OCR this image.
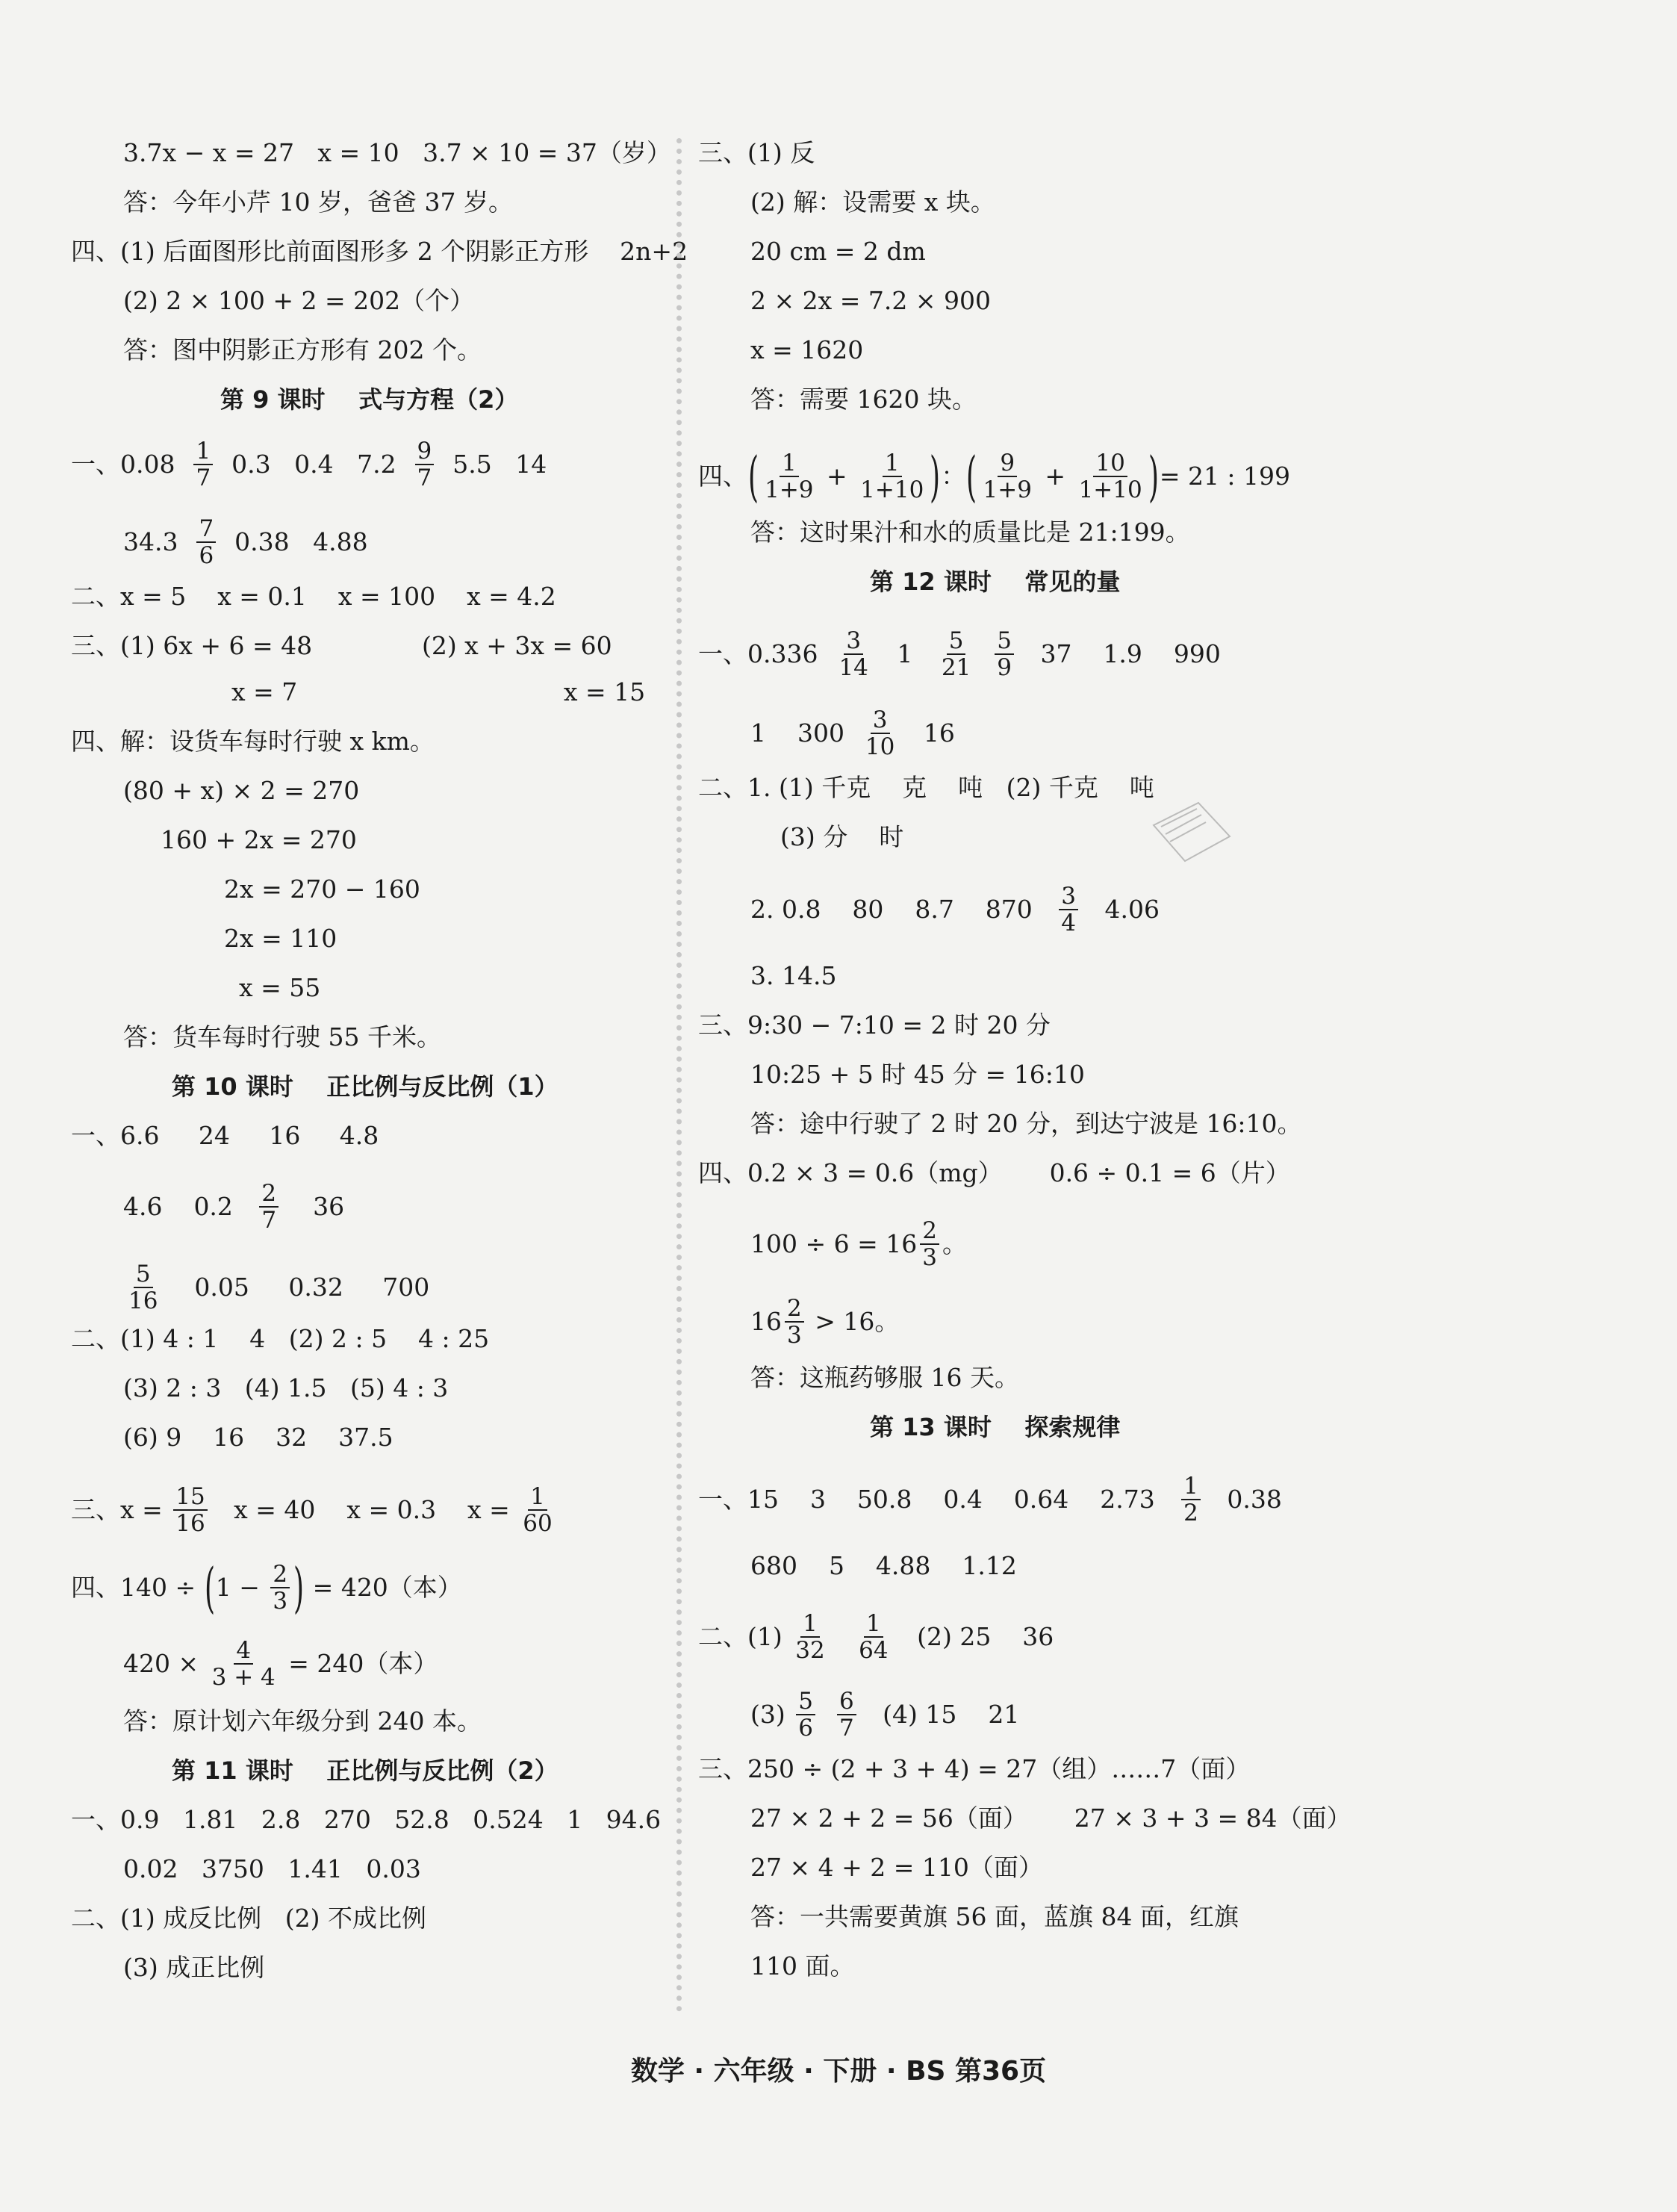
3.7x − x = 27   x = 10   3.7 × 10 = 37（岁）
答：今年小芹 10 岁，爸爸 37 岁。
四、(1) 后面图形比前面图形多 2 个阴影正方形    2n+2
(2) 2 × 100 + 2 = 202（个）
答：图中阴影正方形有 202 个。
第 9 课时    式与方程（2）
一、$0.08 \frac{1}{7} 0.3$   0.4   $7.2 \frac{9}{7} 5.5$   14
$34.3 \frac{7}{6} 0.38$   4.88
二、x = 5    x = 0.1    x = 100    x = 4.2
三、(1) 6x + 6 = 48              (2) x + 3x = 60
x = 7                                  x = 15
四、解：设货车每时行驶 x km。
(80 + x) × 2 = 270
160 + 2x = 270
2x = 270 − 160
2x = 110
x = 55
答：货车每时行驶 55 千米。
第 10 课时    正比例与反比例（1）
一、6.6     24     16     4.8
4.6    $0.2 \frac{2}{7} 36$
$\frac{5}{16} 0.05$     0.32     700
二、(1) 4 : 1    4   (2) 2 : 5    4 : 25
(3) 2 : 3   (4) 1.5   (5) 4 : 3
(6) 9    16    32    37.5
三、$x = \frac{15}{16}$ x = 40    x = 0.3    $x = \frac{1}{60}$
四、140 ÷ ( $1 - \frac{2}{3}$ ) = 420（本）
$420 \times \frac{4}{3 + 4} = 240$（本）
答：原计划六年级分到 240 本。
第 11 课时    正比例与反比例（2）
一、0.9   1.81   2.8   270   52.8   0.524   1   94.6
0.02   3750   1.41   0.03
二、(1) 成反比例   (2) 不成比例
(3) 成正比例
三、(1) 反
(2) 解：设需要 x 块。
20 cm = 2 dm
2 × 2x = 7.2 × 900
x = 1620
答：需要 1620 块。
四、 ( $\frac{1}{1+9} + \frac{1}{1+10}$ ) ： ( $\frac{9}{1+9} + \frac{10}{1+10}$ ) = 21 : 199
答：这时果汁和水的质量比是 21:199。
第 12 课时    常见的量
一、$0.336 \frac{3}{14} 1 \frac{5}{21}$
$\frac{5}{9} 37$    1.9    990
1    $300 \frac{3}{10} 16$
二、1. (1) 千克    克    吨   (2) 千克    吨
(3) 分    时
2. 0.8    80    8.7    $870 \frac{3}{4} 4.06$
3. 14.5
三、9:30 − 7:10 = 2 时 20 分
10:25 + 5 时 45 分 = 16:10
答：途中行驶了 2 时 20 分，到达宁波是 16:10。
四、0.2 × 3 = 0.6（mg）      0.6 ÷ 0.1 = 6（片）
$100 \div 6 = 16 \frac{2}{3}$ 。
$16 \frac{2}{3} > 16$。
答：这瓶药够服 16 天。
第 13 课时    探索规律
一、15    3    50.8    0.4    0.64    $2.73 \frac{1}{2} 0.38$
680    5    4.88    1.12
二、$(1) \frac{1}{32}$
$\frac{1}{64} (2)$ 25    36
$(3) \frac{5}{6}$
$\frac{6}{7} (4)$ 15    21
三、250 ÷ (2 + 3 + 4) = 27（组）……7（面）
27 × 2 + 2 = 56（面）      27 × 3 + 3 = 84（面）
27 × 4 + 2 = 110（面）
答：一共需要黄旗 56 面，蓝旗 84 面，红旗
110 面。
数学 · 六年级 · 下册 · BS 第36页
